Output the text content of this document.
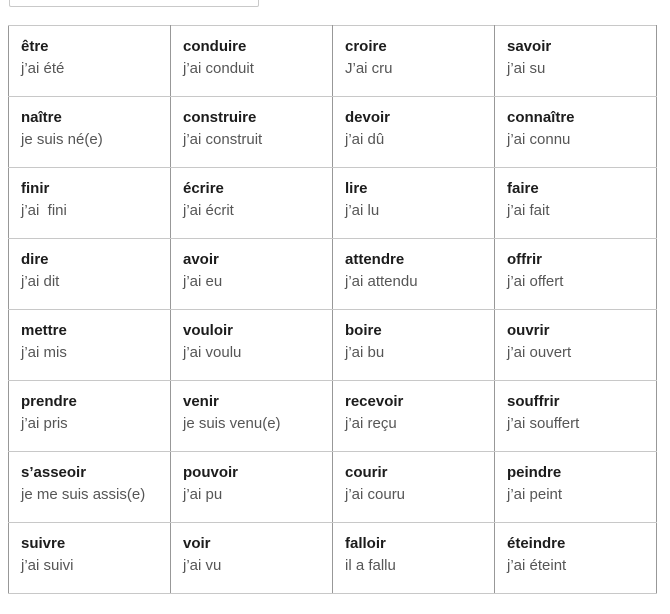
être
j’ai été	conduire
j’ai conduit	croire
J’ai cru	savoir
j’ai su

naître
je suis né(e)	construire
j’ai construit	devoir
j’ai dû	connaître
j’ai connu

finir
j’ai  fini	écrire
j’ai écrit	lire
j’ai lu	faire
j’ai fait

dire
j’ai dit	avoir
j’ai eu	attendre
j’ai attendu	offrir
j’ai offert

mettre
j’ai mis	vouloir
j’ai voulu	boire
j’ai bu	ouvrir
j’ai ouvert

prendre
j’ai pris	venir
je suis venu(e)	recevoir
j’ai reçu	souffrir
j’ai souffert

s’asseoir
je me suis assis(e)	pouvoir
j’ai pu	courir
j’ai couru	peindre
j’ai peint

suivre
j’ai suivi	voir
j’ai vu	falloir
il a fallu	éteindre
j’ai éteint
